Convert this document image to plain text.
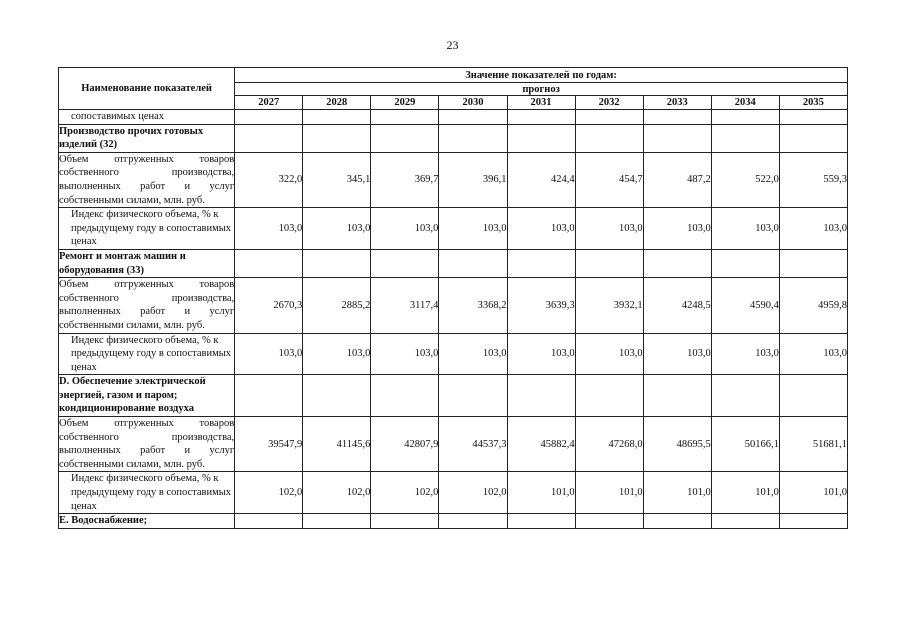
23
Наименование показателей	Значение показателей по годам:								
	прогноз								
	2027	2028	2029	2030	2031	2032	2033	2034	2035
сопоставимых ценах									
Производство прочих готовых изделий (32)									
Объем отгруженных товаров собственного производства, выполненных работ и услуг собственными силами, млн. руб.	322,0	345,1	369,7	396,1	424,4	454,7	487,2	522,0	559,3
Индекс физического объема, % к предыдущему году в сопоставимых ценах	103,0	103,0	103,0	103,0	103,0	103,0	103,0	103,0	103,0
Ремонт и монтаж машин и оборудования (33)									
Объем отгруженных товаров собственного производства, выполненных работ и услуг собственными силами, млн. руб.	2670,3	2885,2	3117,4	3368,2	3639,3	3932,1	4248,5	4590,4	4959,8
Индекс физического объема, % к предыдущему году в сопоставимых ценах	103,0	103,0	103,0	103,0	103,0	103,0	103,0	103,0	103,0
D. Обеспечение электрической энергией, газом и паром; кондиционирование воздуха									
Объем отгруженных товаров собственного производства, выполненных работ и услуг собственными силами, млн. руб.	39547,9	41145,6	42807,9	44537,3	45882,4	47268,0	48695,5	50166,1	51681,1
Индекс физического объема, % к предыдущему году в сопоставимых ценах	102,0	102,0	102,0	102,0	101,0	101,0	101,0	101,0	101,0
E. Водоснабжение;									
